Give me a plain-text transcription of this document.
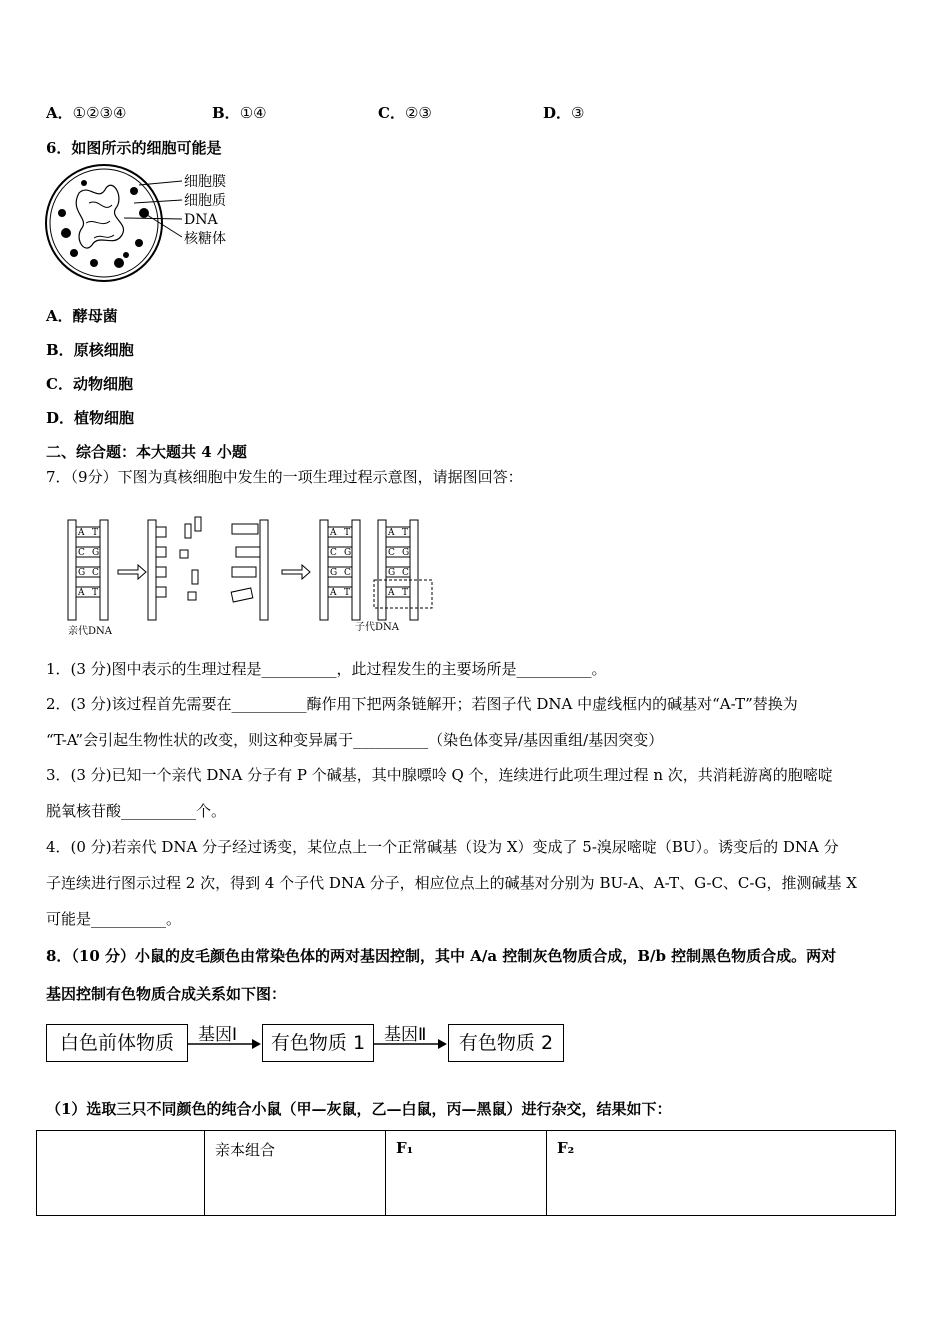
A．①②③④	B．①④	C．②③	D．③
6．如图所示的细胞可能是
细胞膜
细胞质
DNA
核糖体
A．酵母菌
B．原核细胞
C．动物细胞
D．植物细胞
二、综合题：本大题共 4 小题
7．（9分）下图为真核细胞中发生的一项生理过程示意图，请据图回答：
A T
C G
G C
A T
A T
C G
G C
A T
A T
C G
G C
A T
亲代DNA	子代DNA
1．(3 分)图中表示的生理过程是__________，此过程发生的主要场所是__________。
2．(3 分)该过程首先需要在__________酶作用下把两条链解开；若图子代 DNA 中虚线框内的碱基对“A-T”替换为
“T-A”会引起生物性状的改变，则这种变异属于__________（染色体变异/基因重组/基因突变）
3．(3 分)已知一个亲代 DNA 分子有 P 个碱基，其中腺嘌呤 Q 个，连续进行此项生理过程 n 次，共消耗游离的胞嘧啶
脱氧核苷酸__________个。
4．(0 分)若亲代 DNA 分子经过诱变，某位点上一个正常碱基（设为 X）变成了 5-溴尿嘧啶（BU）。诱变后的 DNA 分
子连续进行图示过程 2 次，得到 4 个子代 DNA 分子，相应位点上的碱基对分别为 BU-A、A-T、G-C、C-G，推测碱基 X
可能是__________。
8．（10 分）小鼠的皮毛颜色由常染色体的两对基因控制，其中 A/a 控制灰色物质合成，B/b 控制黑色物质合成。两对
基因控制有色物质合成关系如下图：
白色前体物质	基因Ⅰ	有色物质 1	基因Ⅱ	有色物质 2
（1）选取三只不同颜色的纯合小鼠（甲—灰鼠，乙—白鼠，丙—黑鼠）进行杂交，结果如下：
	亲本组合	F₁	F₂
